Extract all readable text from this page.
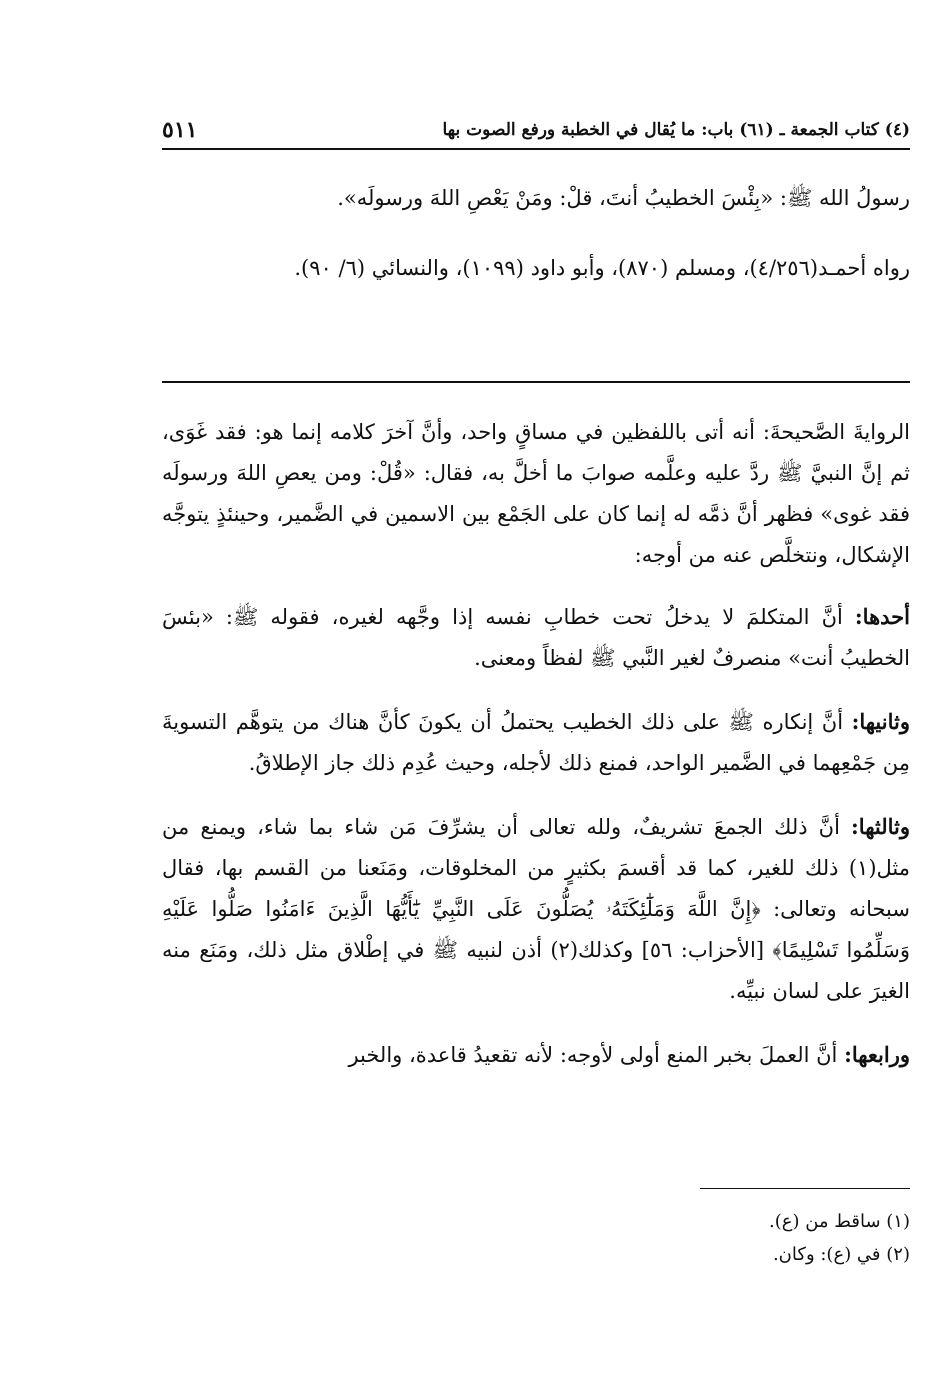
(٤) كتاب الجمعة ـ (٦١) باب: ما يُقال في الخطبة ورفع الصوت بها
٥١١

رسولُ الله ﷺ: «بِئْسَ الخطيبُ أنتَ، قلْ: ومَنْ يَعْصِ اللهَ ورسولَه».

رواه أحمـد(٤/٢٥٦)، ومسلم (٨٧٠)، وأبو داود (١٠٩٩)، والنسائي (٦/ ٩٠).

الروايةَ الصَّحيحةَ: أنه أتى باللفظين في مساقٍ واحد، وأنَّ آخرَ كلامه إنما هو: فقد غَوَى، ثم إنَّ النبيَّ ﷺ ردَّ عليه وعلَّمه صوابَ ما أخلَّ به، فقال: «قُلْ: ومن يعصِ اللهَ ورسولَه فقد غوى» فظهر أنَّ ذمَّه له إنما كان على الجَمْع بين الاسمين في الضَّمير، وحينئذٍ يتوجَّه الإشكال، ونتخلَّص عنه من أوجه:

أحدها: أنَّ المتكلمَ لا يدخلُ تحت خطابِ نفسه إذا وجَّهه لغيره، فقوله ﷺ: «بئسَ الخطيبُ أنت» منصرفٌ لغير النَّبي ﷺ لفظاً ومعنى.

وثانيها: أنَّ إنكاره ﷺ على ذلك الخطيب يحتملُ أن يكونَ كأنَّ هناك من يتوهَّم التسويةَ مِن جَمْعِهما في الضَّمير الواحد، فمنع ذلك لأجله، وحيث عُدِم ذلك جاز الإطلاقُ.

وثالثها: أنَّ ذلك الجمعَ تشريفٌ، ولله تعالى أن يشرِّفَ مَن شاء بما شاء، ويمنع من مثل(١) ذلك للغير، كما قد أقسمَ بكثيرٍ من المخلوقات، ومَنَعنا من القسم بها، فقال سبحانه وتعالى: ﴿إِنَّ اللَّهَ وَمَلَٰٓئِكَتَهُۥ يُصَلُّونَ عَلَى النَّبِيِّ يَٰٓأَيُّهَا الَّذِينَ ءَامَنُوا صَلُّوا عَلَيْهِ وَسَلِّمُوا تَسْلِيمًا﴾ [الأحزاب: ٥٦] وكذلك(٢) أذن لنبيه ﷺ في إطْلاق مثل ذلك، ومَنَع منه الغيرَ على لسان نبيِّه.

ورابعها: أنَّ العملَ بخبر المنع أولى لأوجه: لأنه تقعيدُ قاعدة، والخبر

(١) ساقط من (ع).

(٢) في (ع): وكان.
